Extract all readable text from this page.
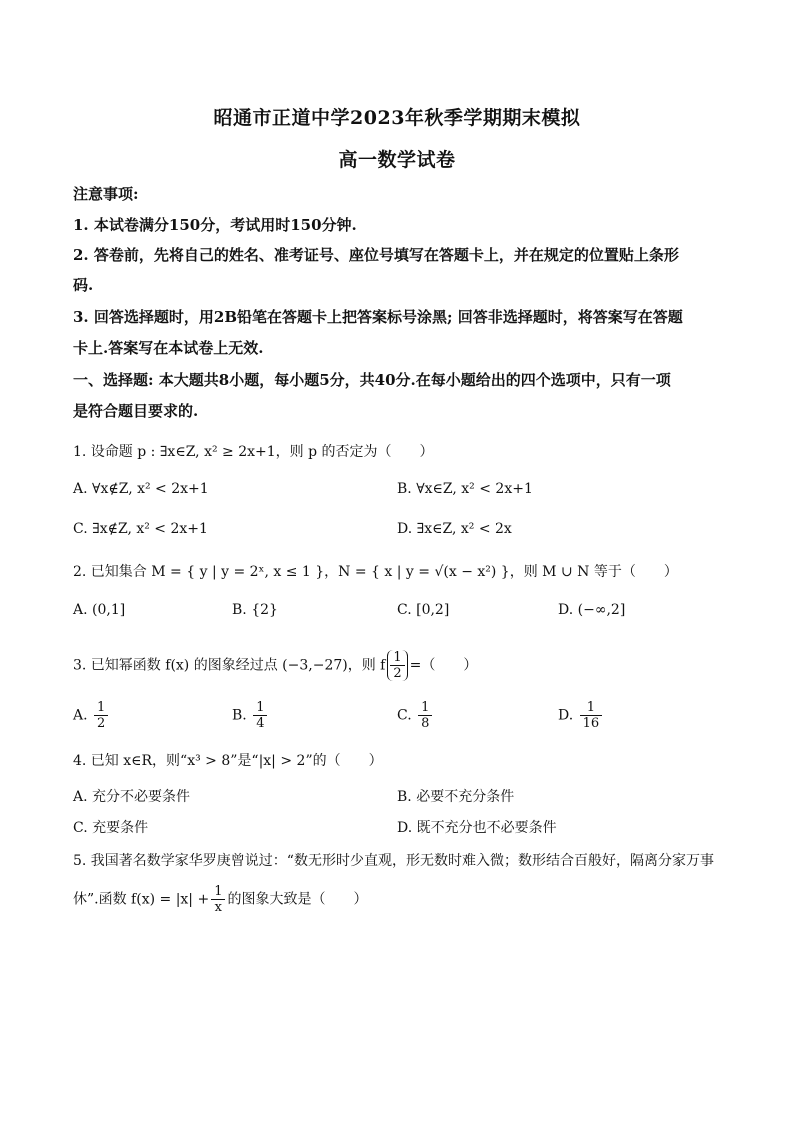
昭通市正道中学2023年秋季学期期末模拟
高一数学试卷
注意事项:
1. 本试卷满分150分，考试用时150分钟.
2. 答卷前，先将自己的姓名、准考证号、座位号填写在答题卡上，并在规定的位置贴上条形
码.
3. 回答选择题时，用2B铅笔在答题卡上把答案标号涂黑; 回答非选择题时，将答案写在答题
卡上.答案写在本试卷上无效.
一、选择题: 本大题共8小题，每小题5分，共40分.在每小题给出的四个选项中，只有一项
是符合题目要求的.
1. 设命题 p : ∃x∈Z, x² ≥ 2x+1，则 p 的否定为（　　）
A. ∀x∉Z, x² < 2x+1	B. ∀x∈Z, x² < 2x+1
C. ∃x∉Z, x² < 2x+1	D. ∃x∈Z, x² < 2x
2. 已知集合 M = { y | y = 2ˣ, x ≤ 1 }，N = { x | y = √(x − x²) }，则 M ∪ N 等于（　　）
A. (0,1]	B. {2}	C. [0,2]	D. (−∞,2]
3. 已知幂函数 f(x) 的图象经过点 (−3,−27)，则 f $\frac{1}{2}$ =（　　）
A. $\frac{1}{2}$	B. $\frac{1}{4}$	C. $\frac{1}{8}$	D. $\frac{1}{16}$
4. 已知 x∈R，则“x³ > 8”是“|x| > 2”的（　　）
A. 充分不必要条件	B. 必要不充分条件
C. 充要条件	D. 既不充分也不必要条件
5. 我国著名数学家华罗庚曾说过：“数无形时少直观，形无数时难入微；数形结合百般好，隔离分家万事
休”.函数 $f(x) = |x| + \frac{1}{x}$ 的图象大致是（　　）
